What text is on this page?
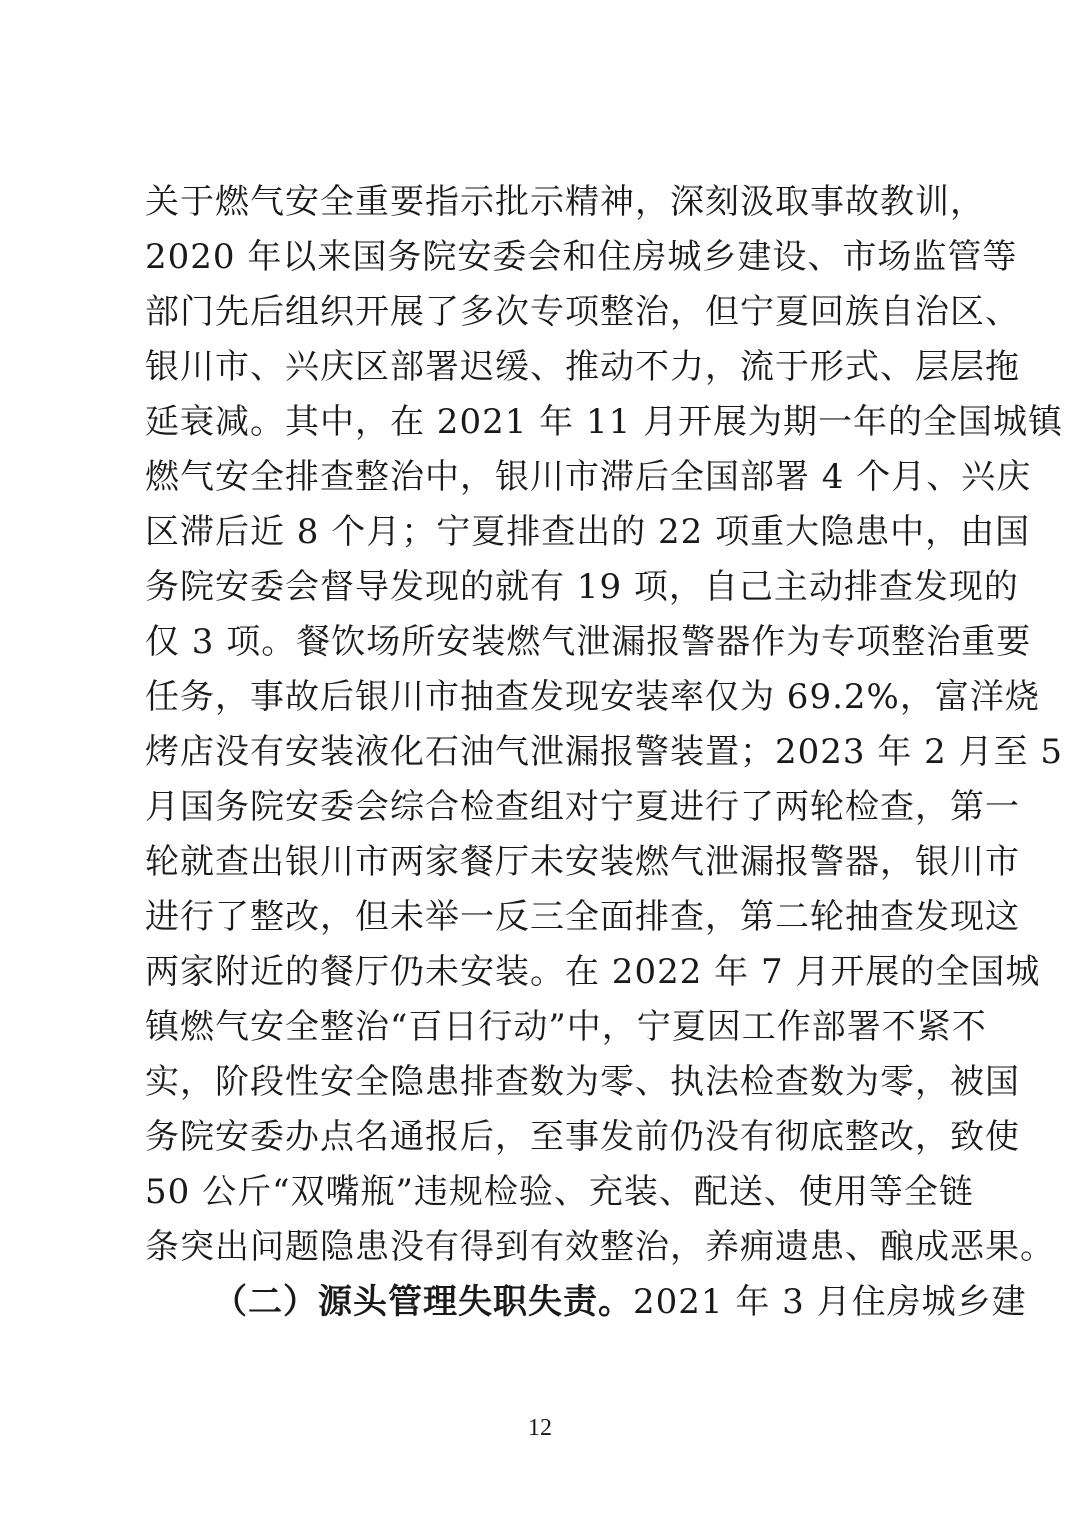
关于燃气安全重要指示批示精神，深刻汲取事故教训，
2020 年以来国务院安委会和住房城乡建设、市场监管等
部门先后组织开展了多次专项整治，但宁夏回族自治区、
银川市、兴庆区部署迟缓、推动不力，流于形式、层层拖
延衰减。其中，在 2021 年 11 月开展为期一年的全国城镇
燃气安全排查整治中，银川市滞后全国部署 4 个月、兴庆
区滞后近 8 个月；宁夏排查出的 22 项重大隐患中，由国
务院安委会督导发现的就有 19 项，自己主动排查发现的
仅 3 项。餐饮场所安装燃气泄漏报警器作为专项整治重要
任务，事故后银川市抽查发现安装率仅为 69.2%，富洋烧
烤店没有安装液化石油气泄漏报警装置；2023 年 2 月至 5
月国务院安委会综合检查组对宁夏进行了两轮检查，第一
轮就查出银川市两家餐厅未安装燃气泄漏报警器，银川市
进行了整改，但未举一反三全面排查，第二轮抽查发现这
两家附近的餐厅仍未安装。在 2022 年 7 月开展的全国城
镇燃气安全整治“百日行动”中，宁夏因工作部署不紧不
实，阶段性安全隐患排查数为零、执法检查数为零，被国
务院安委办点名通报后，至事发前仍没有彻底整改，致使
50 公斤“双嘴瓶”违规检验、充装、配送、使用等全链
条突出问题隐患没有得到有效整治，养痈遗患、酿成恶果。
（二）源头管理失职失责。2021 年 3 月住房城乡建
12
